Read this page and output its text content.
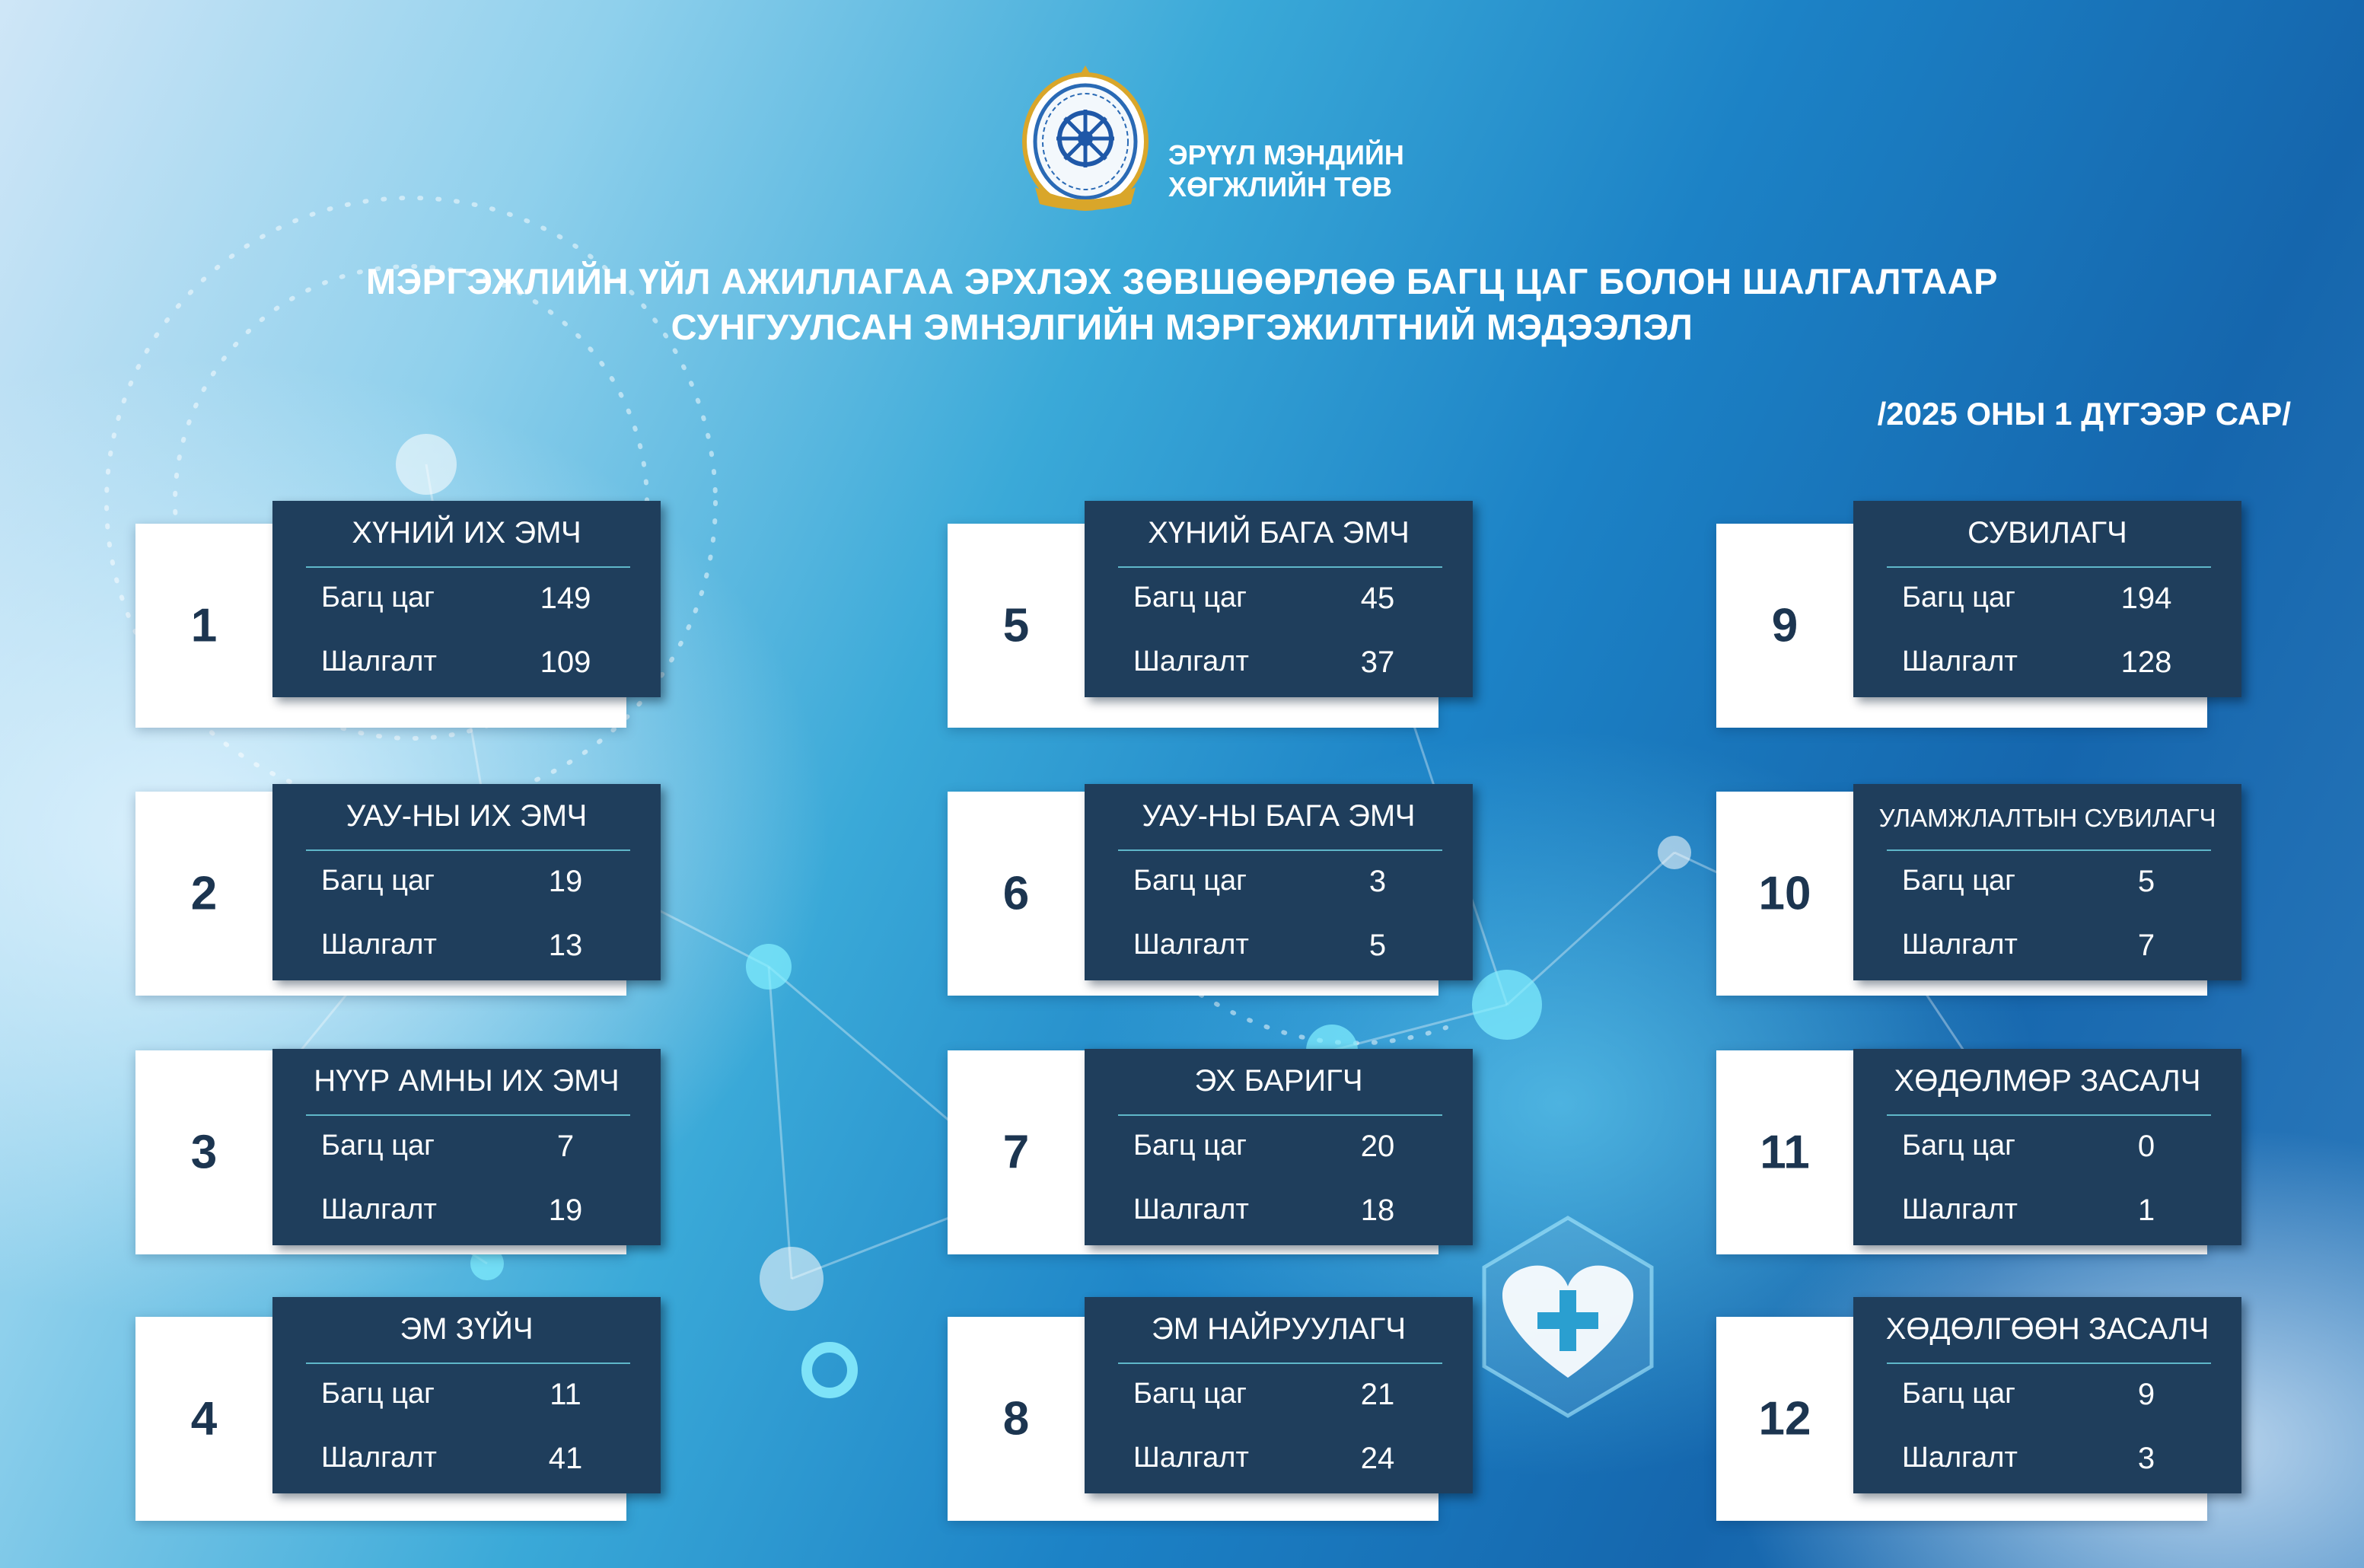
ЭРҮҮЛ МЭНДИЙН
ХӨГЖЛИЙН ТӨВ

МЭРГЭЖЛИЙН ҮЙЛ АЖИЛЛАГАА ЭРХЛЭХ ЗӨВШӨӨРЛӨӨ БАГЦ ЦАГ БОЛОН ШАЛГАЛТААР
СУНГУУЛСАН ЭМНЭЛГИЙН МЭРГЭЖИЛТНИЙ МЭДЭЭЛЭЛ

/2025 ОНЫ 1 ДҮГЭЭР САР/

1
ХҮНИЙ ИХ ЭМЧ
Багц цаг	149
Шалгалт	109
2
УАУ-НЫ ИХ ЭМЧ
Багц цаг	19
Шалгалт	13
3
НҮҮР АМНЫ ИХ ЭМЧ
Багц цаг	7
Шалгалт	19
4
ЭМ ЗҮЙЧ
Багц цаг	11
Шалгалт	41
5
ХҮНИЙ БАГА ЭМЧ
Багц цаг	45
Шалгалт	37
6
УАУ-НЫ БАГА ЭМЧ
Багц цаг	3
Шалгалт	5
7
ЭХ БАРИГЧ
Багц цаг	20
Шалгалт	18
8
ЭМ НАЙРУУЛАГЧ
Багц цаг	21
Шалгалт	24
9
СУВИЛАГЧ
Багц цаг	194
Шалгалт	128
10
УЛАМЖЛАЛТЫН СУВИЛАГЧ
Багц цаг	5
Шалгалт	7
11
ХӨДӨЛМӨР ЗАСАЛЧ
Багц цаг	0
Шалгалт	1
12
ХӨДӨЛГӨӨН ЗАСАЛЧ
Багц цаг	9
Шалгалт	3
